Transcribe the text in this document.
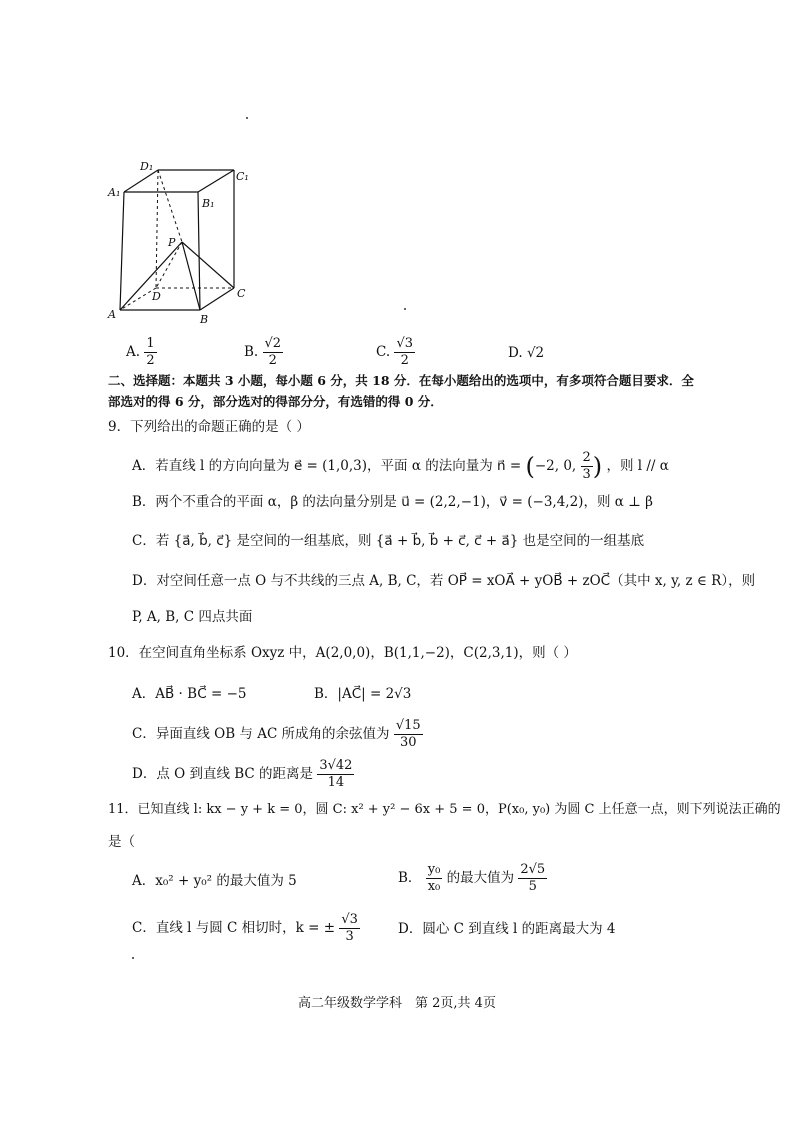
D₁
C₁
A₁
B₁
P
D	C
A	B
A. $\frac{1}{2}$	B. $\frac{√2}{2}$	C. $\frac{√3}{2}$	D. √2
二、选择题：本题共 3 小题，每小题 6 分，共 18 分．在每小题给出的选项中，有多项符合题目要求．全
部选对的得 6 分，部分选对的得部分分，有选错的得 0 分．
9．下列给出的命题正确的是（ ）
A．若直线 l 的方向向量为 e⃗ = (1,0,3)，平面 α 的法向量为 n⃗ = (−2, 0, $\frac{2}{3}$ ) ，则 l // α
B．两个不重合的平面 α，β 的法向量分别是 u⃗ = (2,2,−1)，v⃗ = (−3,4,2)，则 α ⊥ β
C．若 {a⃗, b⃗, c⃗} 是空间的一组基底，则 {a⃗ + b⃗, b⃗ + c⃗, c⃗ + a⃗} 也是空间的一组基底
D．对空间任意一点 O 与不共线的三点 A, B, C，若 OP⃗ = xOA⃗ + yOB⃗ + zOC⃗（其中 x, y, z ∈ R），则
P, A, B, C 四点共面
10．在空间直角坐标系 Oxyz 中，A(2,0,0)，B(1,1,−2)，C(2,3,1)，则（ ）
A．AB⃗ · BC⃗ = −5	B．|AC⃗| = 2√3
C．异面直线 OB 与 AC 所成角的余弦值为 $\frac{√15}{30}$
D．点 O 到直线 BC 的距离是 $\frac{3√42}{14}$
11．已知直线 l: kx − y + k = 0，圆 C: x² + y² − 6x + 5 = 0，P(x₀, y₀) 为圆 C 上任意一点，则下列说法正确的
是（
A．x₀² + y₀² 的最大值为 5	B． $\frac{\text{y₀}}{\text{x₀}}$ 的最大值为 $\frac{2√5}{5}$
C．直线 l 与圆 C 相切时，k = ± $\frac{√3}{3}$	D．圆心 C 到直线 l 的距离最大为 4
高二年级数学学科　第 2页,共 4页
